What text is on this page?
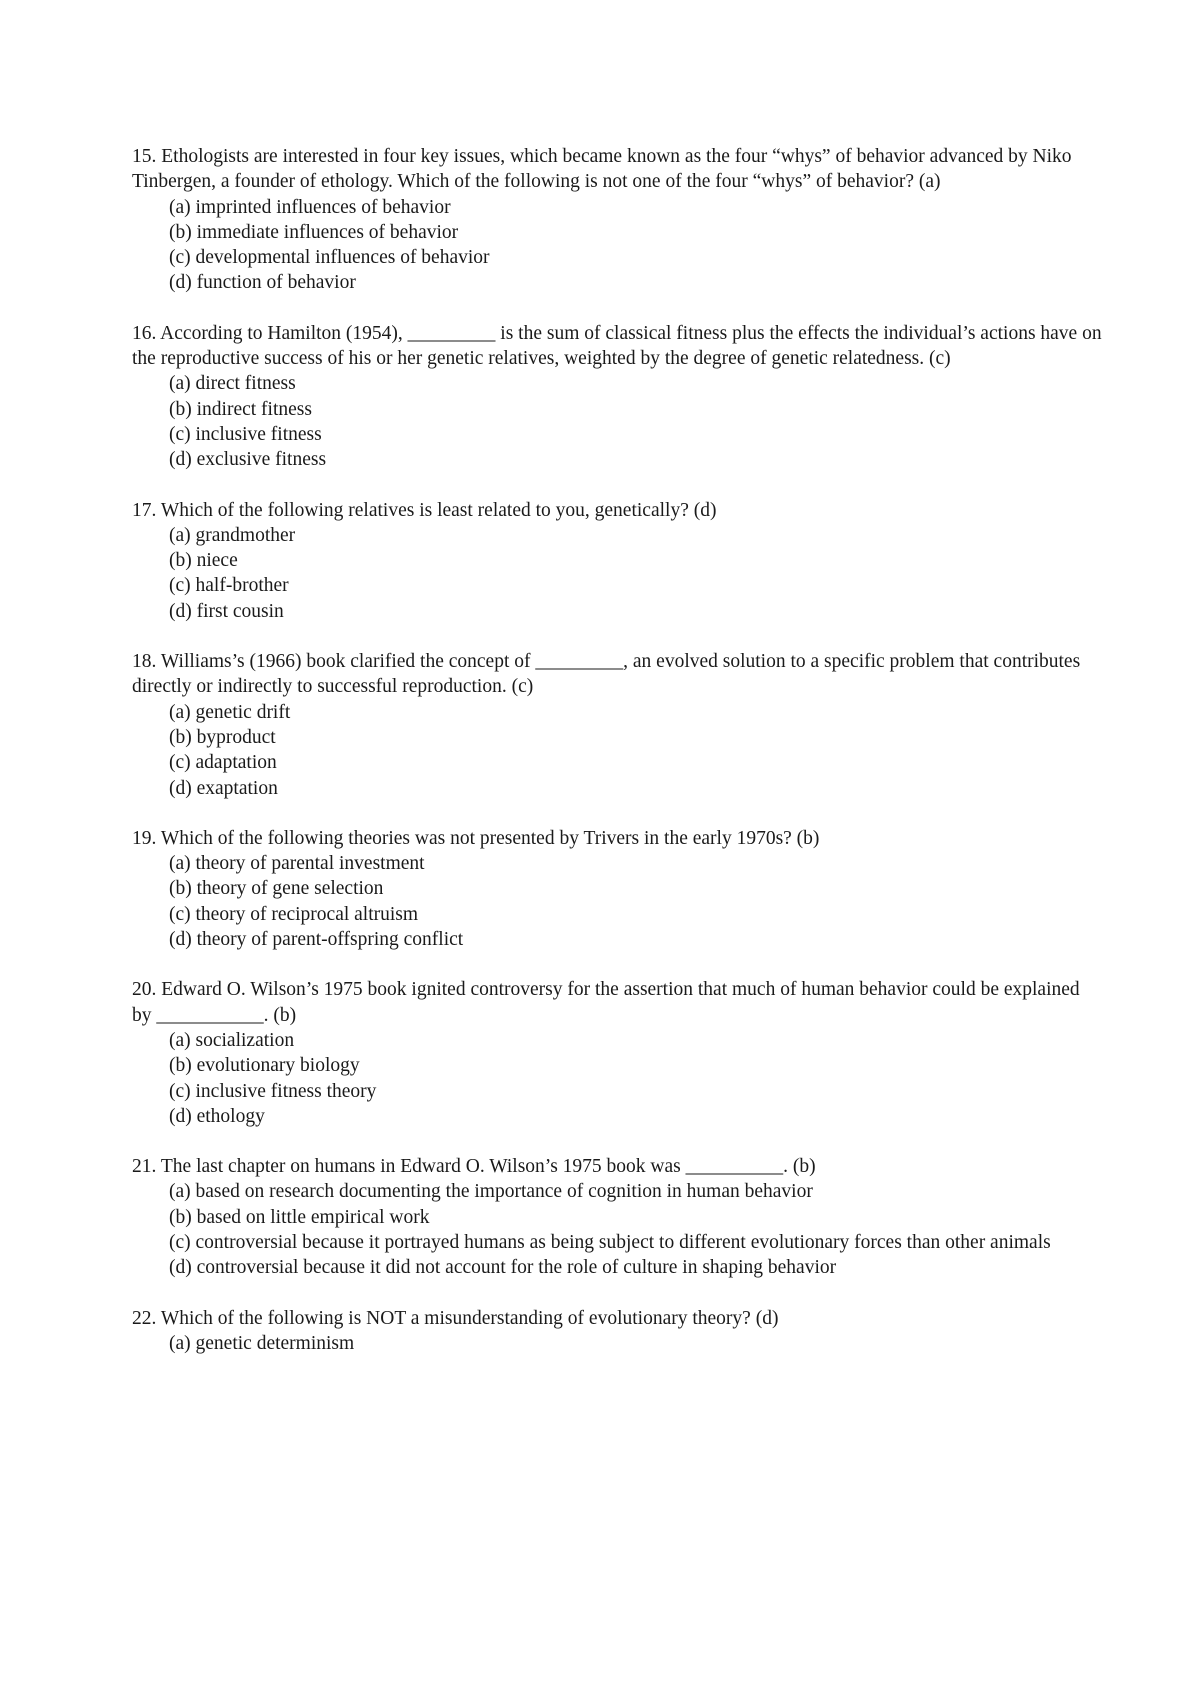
15. Ethologists are interested in four key issues, which became known as the four “whys” of behavior advanced by Niko Tinbergen, a founder of ethology. Which of the following is not one of the four “whys” of behavior? (a)

(a) imprinted influences of behavior
(b) immediate influences of behavior
(c) developmental influences of behavior
(d) function of behavior

16. According to Hamilton (1954), _________ is the sum of classical fitness plus the effects the individual’s actions have on the reproductive success of his or her genetic relatives, weighted by the degree of genetic relatedness. (c)

(a) direct fitness
(b) indirect fitness
(c) inclusive fitness
(d) exclusive fitness

17. Which of the following relatives is least related to you, genetically? (d)

(a) grandmother
(b) niece
(c) half-brother
(d) first cousin

18. Williams’s (1966) book clarified the concept of _________, an evolved solution to a specific problem that contributes directly or indirectly to successful reproduction. (c)

(a) genetic drift
(b) byproduct
(c) adaptation
(d) exaptation

19. Which of the following theories was not presented by Trivers in the early 1970s? (b)

(a) theory of parental investment
(b) theory of gene selection
(c) theory of reciprocal altruism
(d) theory of parent-offspring conflict

20. Edward O. Wilson’s 1975 book ignited controversy for the assertion that much of human behavior could be explained by ___________. (b)

(a) socialization
(b) evolutionary biology
(c) inclusive fitness theory
(d) ethology

21. The last chapter on humans in Edward O. Wilson’s 1975 book was __________. (b)

(a) based on research documenting the importance of cognition in human behavior
(b) based on little empirical work
(c) controversial because it portrayed humans as being subject to different evolutionary forces than other animals
(d) controversial because it did not account for the role of culture in shaping behavior

22. Which of the following is NOT a misunderstanding of evolutionary theory? (d)

(a) genetic determinism
